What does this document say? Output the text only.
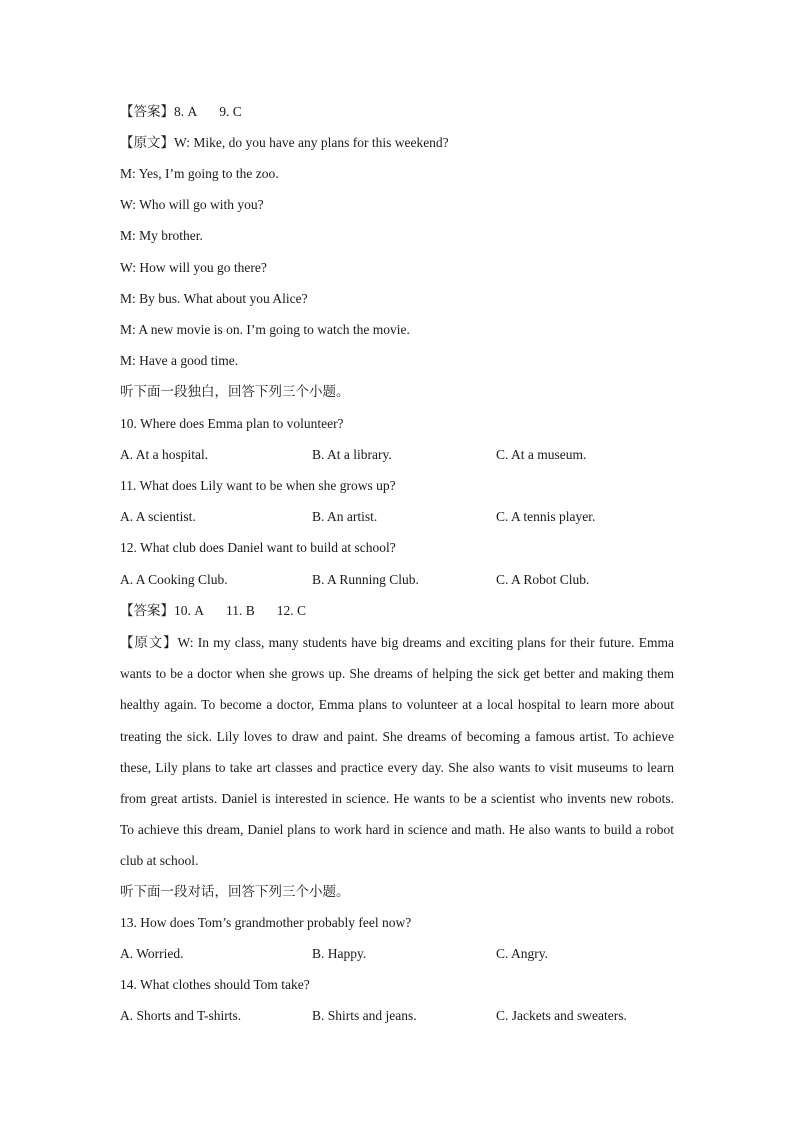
【答案】8. A 9. C
【原文】W: Mike, do you have any plans for this weekend?
M: Yes, I’m going to the zoo.
W: Who will go with you?
M: My brother.
W: How will you go there?
M: By bus. What about you Alice?
M: A new movie is on. I’m going to watch the movie.
M: Have a good time.
听下面一段独白，回答下列三个小题。
10. Where does Emma plan to volunteer?
A. At a hospital.	B. At a library.	C. At a museum.
11. What does Lily want to be when she grows up?
A. A scientist.	B. An artist.	C. A tennis player.
12. What club does Daniel want to build at school?
A. A Cooking Club.	B. A Running Club.	C. A Robot Club.
【答案】10. A 11. B 12. C
【原文】W: In my class, many students have big dreams and exciting plans for their future. Emma wants to be a doctor when she grows up. She dreams of helping the sick get better and making them healthy again. To become a doctor, Emma plans to volunteer at a local hospital to learn more about treating the sick. Lily loves to draw and paint. She dreams of becoming a famous artist. To achieve these, Lily plans to take art classes and practice every day. She also wants to visit museums to learn from great artists. Daniel is interested in science. He wants to be a scientist who invents new robots. To achieve this dream, Daniel plans to work hard in science and math. He also wants to build a robot club at school.
听下面一段对话，回答下列三个小题。
13. How does Tom’s grandmother probably feel now?
A. Worried.	B. Happy.	C. Angry.
14. What clothes should Tom take?
A. Shorts and T-shirts.	B. Shirts and jeans.	C. Jackets and sweaters.
